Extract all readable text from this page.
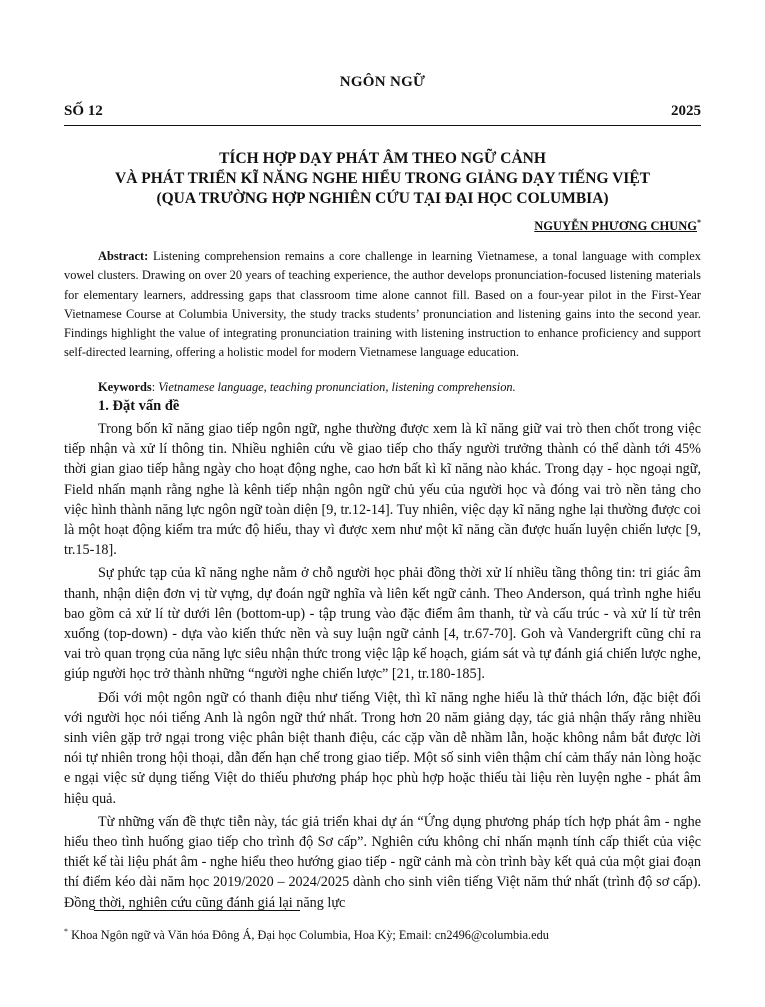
NGÔN NGỮ
SỐ 12	2025
TÍCH HỢP DẠY PHÁT ÂM THEO NGỮ CẢNH
VÀ PHÁT TRIỂN KĨ NĂNG NGHE HIỂU TRONG GIẢNG DẠY TIẾNG VIỆT
(QUA TRƯỜNG HỢP NGHIÊN CỨU TẠI ĐẠI HỌC COLUMBIA)
NGUYỄN PHƯƠNG CHUNG*
Abstract: Listening comprehension remains a core challenge in learning Vietnamese, a tonal language with complex vowel clusters. Drawing on over 20 years of teaching experience, the author develops pronunciation-focused listening materials for elementary learners, addressing gaps that classroom time alone cannot fill. Based on a four-year pilot in the First-Year Vietnamese Course at Columbia University, the study tracks students’ pronunciation and listening gains into the second year. Findings highlight the value of integrating pronunciation training with listening instruction to enhance proficiency and support self-directed learning, offering a holistic model for modern Vietnamese language education.
Keywords: Vietnamese language, teaching pronunciation, listening comprehension.
1. Đặt vấn đề

Trong bốn kĩ năng giao tiếp ngôn ngữ, nghe thường được xem là kĩ năng giữ vai trò then chốt trong việc tiếp nhận và xử lí thông tin. Nhiều nghiên cứu về giao tiếp cho thấy người trưởng thành có thể dành tới 45% thời gian giao tiếp hằng ngày cho hoạt động nghe, cao hơn bất kì kĩ năng nào khác. Trong dạy - học ngoại ngữ, Field nhấn mạnh rằng nghe là kênh tiếp nhận ngôn ngữ chủ yếu của người học và đóng vai trò nền tảng cho việc hình thành năng lực ngôn ngữ toàn diện [9, tr.12-14]. Tuy nhiên, việc dạy kĩ năng nghe lại thường được coi là một hoạt động kiểm tra mức độ hiểu, thay vì được xem như một kĩ năng cần được huấn luyện chiến lược [9, tr.15-18].

Sự phức tạp của kĩ năng nghe nằm ở chỗ người học phải đồng thời xử lí nhiều tầng thông tin: tri giác âm thanh, nhận diện đơn vị từ vựng, dự đoán ngữ nghĩa và liên kết ngữ cảnh. Theo Anderson, quá trình nghe hiểu bao gồm cả xử lí từ dưới lên (bottom-up) - tập trung vào đặc điểm âm thanh, từ và cấu trúc - và xử lí từ trên xuống (top-down) - dựa vào kiến thức nền và suy luận ngữ cảnh [4, tr.67-70]. Goh và Vandergrift cũng chỉ ra vai trò quan trọng của năng lực siêu nhận thức trong việc lập kế hoạch, giám sát và tự đánh giá chiến lược nghe, giúp người học trở thành những “người nghe chiến lược” [21, tr.180-185].

Đối với một ngôn ngữ có thanh điệu như tiếng Việt, thì kĩ năng nghe hiểu là thử thách lớn, đặc biệt đối với người học nói tiếng Anh là ngôn ngữ thứ nhất. Trong hơn 20 năm giảng dạy, tác giả nhận thấy rằng nhiều sinh viên gặp trở ngại trong việc phân biệt thanh điệu, các cặp vần dễ nhầm lẫn, hoặc không nắm bắt được lời nói tự nhiên trong hội thoại, dẫn đến hạn chế trong giao tiếp. Một số sinh viên thậm chí cảm thấy nản lòng hoặc e ngại việc sử dụng tiếng Việt do thiếu phương pháp học phù hợp hoặc thiếu tài liệu rèn luyện nghe - phát âm hiệu quả.

Từ những vấn đề thực tiễn này, tác giả triển khai dự án “Ứng dụng phương pháp tích hợp phát âm - nghe hiểu theo tình huống giao tiếp cho trình độ Sơ cấp”. Nghiên cứu không chỉ nhấn mạnh tính cấp thiết của việc thiết kế tài liệu phát âm - nghe hiểu theo hướng giao tiếp - ngữ cảnh mà còn trình bày kết quả của một giai đoạn thí điểm kéo dài năm học 2019/2020 – 2024/2025 dành cho sinh viên tiếng Việt năm thứ nhất (trình độ sơ cấp). Đồng thời, nghiên cứu cũng đánh giá lại năng lực

* Khoa Ngôn ngữ và Văn hóa Đông Á, Đại học Columbia, Hoa Kỳ; Email: cn2496@columbia.edu
